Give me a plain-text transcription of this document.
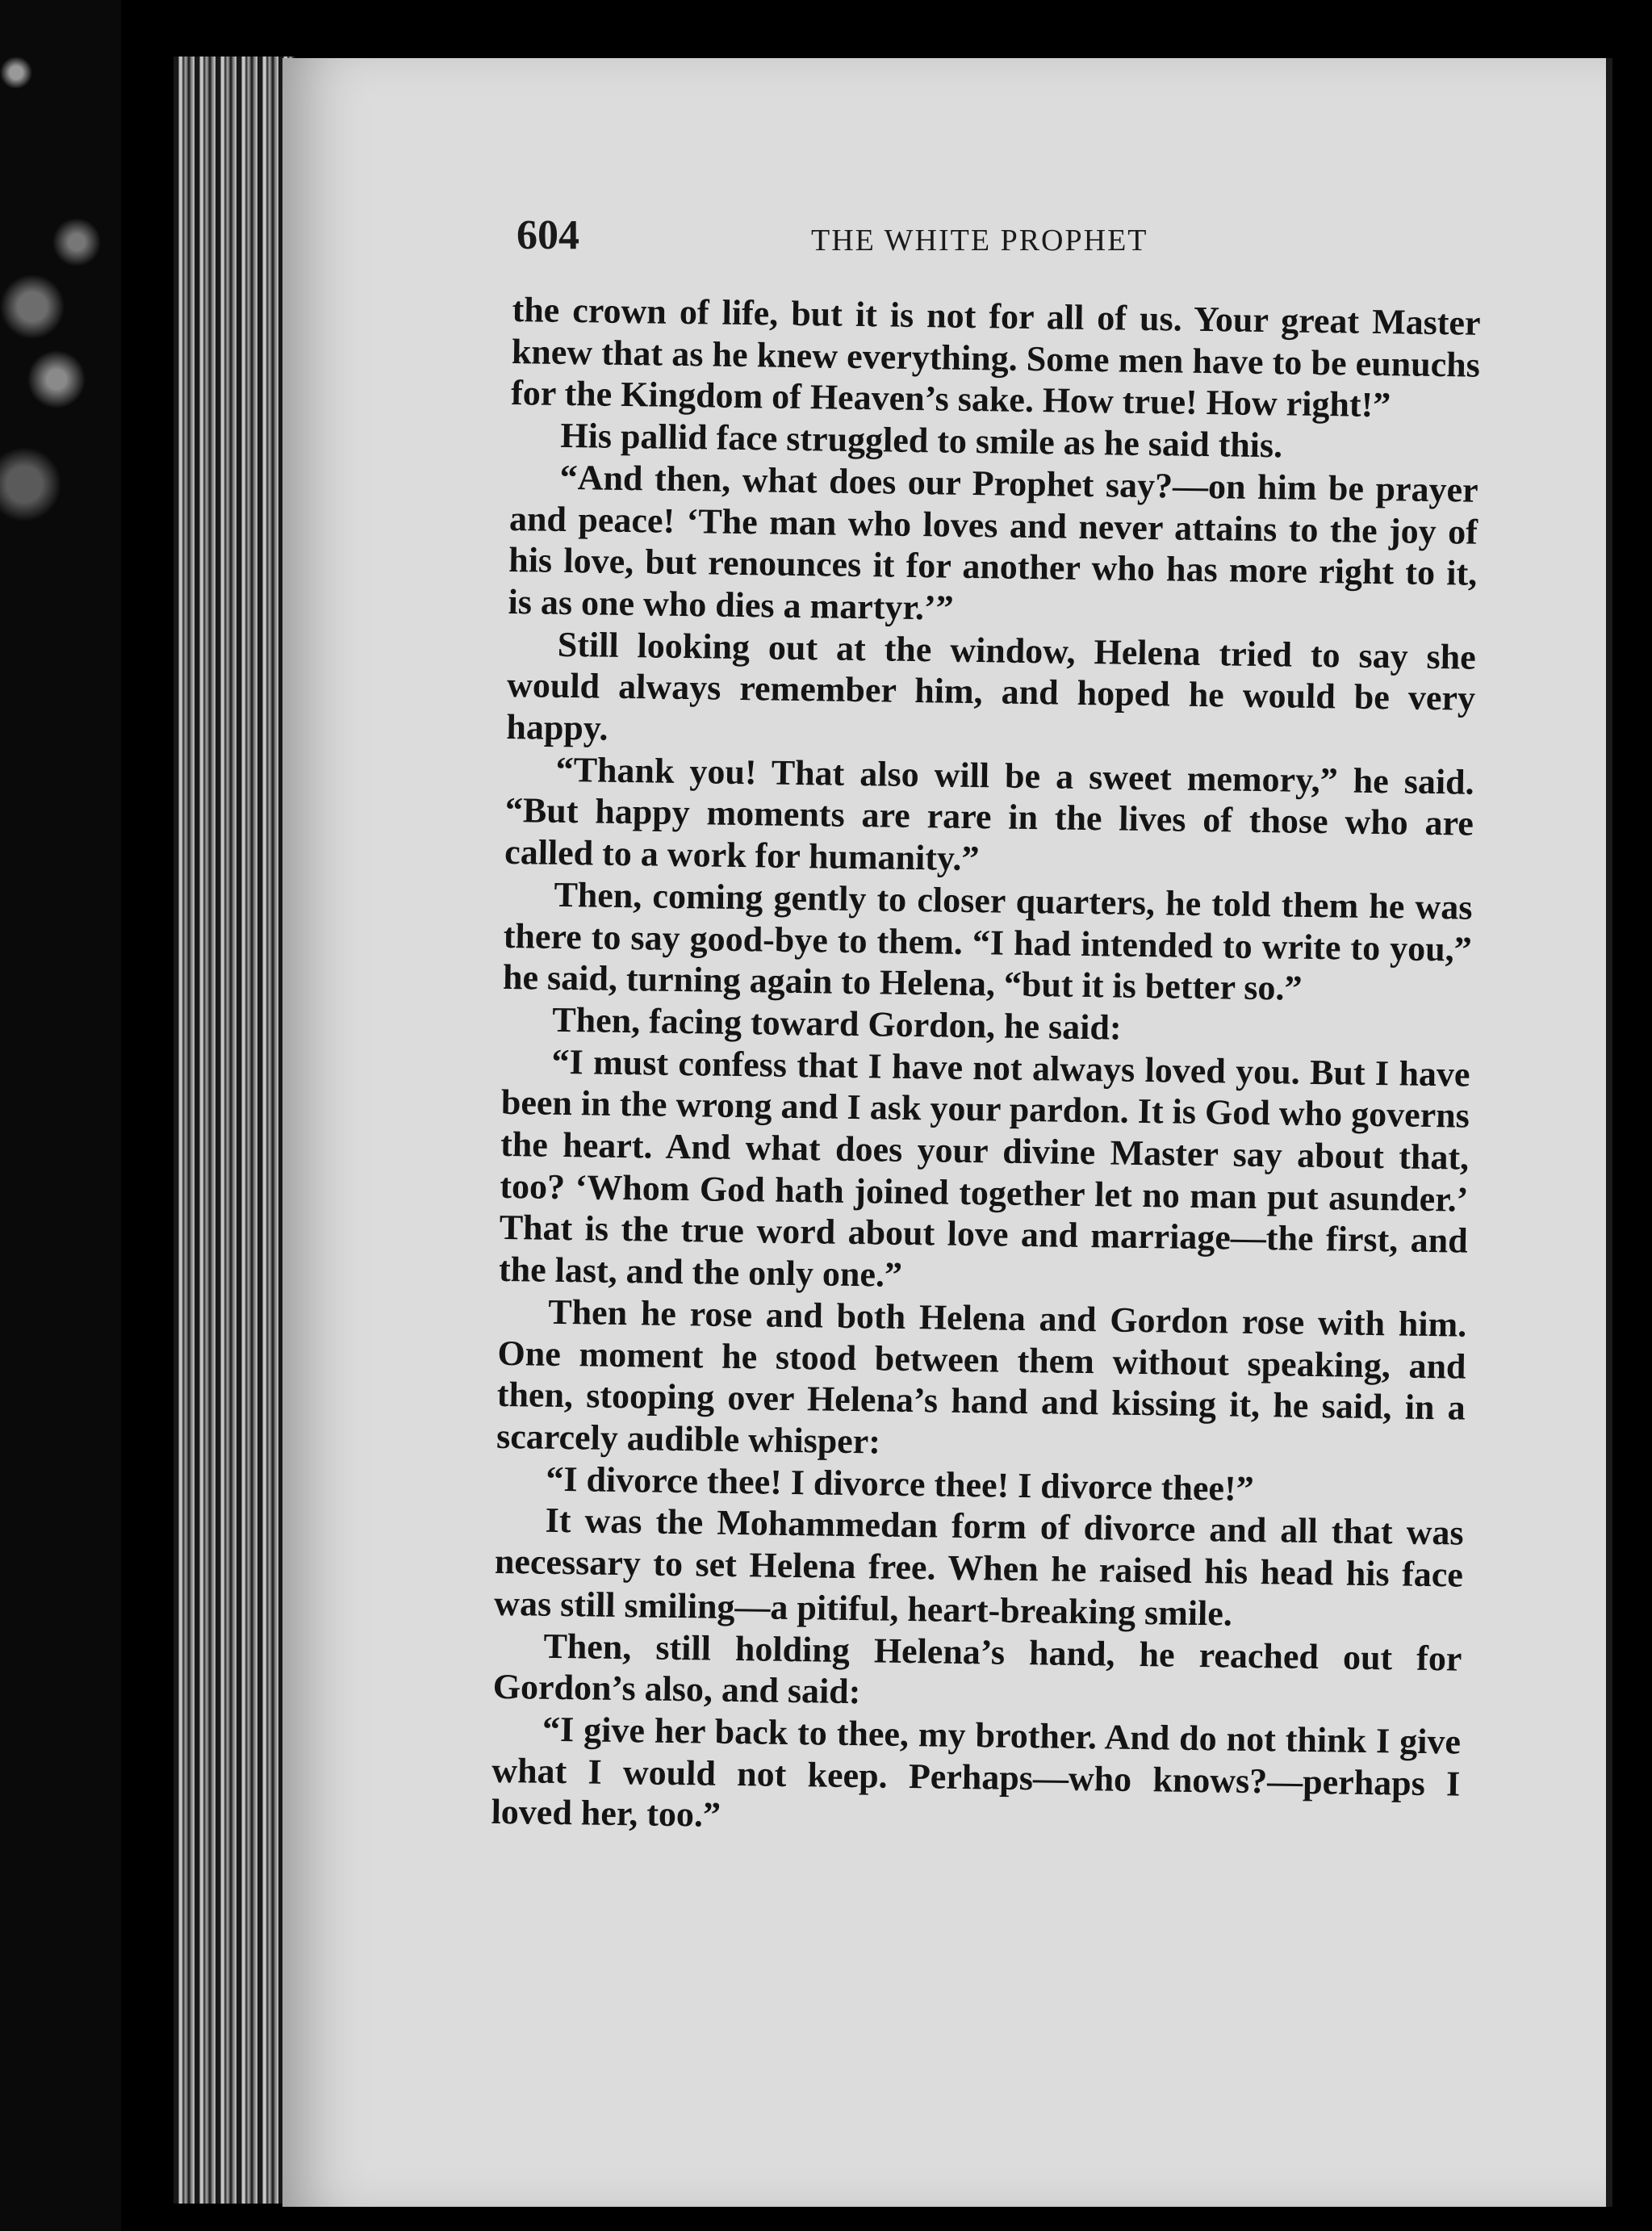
604	THE WHITE PROPHET

the crown of life, but it is not for all of us. Your great Master knew that as he knew everything. Some men have to be eunuchs for the Kingdom of Heaven’s sake. How true! How right!”

His pallid face struggled to smile as he said this.

“And then, what does our Prophet say?—on him be prayer and peace! ‘The man who loves and never attains to the joy of his love, but renounces it for another who has more right to it, is as one who dies a martyr.’”

Still looking out at the window, Helena tried to say she would always remember him, and hoped he would be very happy.

“Thank you! That also will be a sweet memory,” he said. “But happy moments are rare in the lives of those who are called to a work for humanity.”

Then, coming gently to closer quarters, he told them he was there to say good-bye to them. “I had intended to write to you,” he said, turning again to Helena, “but it is better so.”

Then, facing toward Gordon, he said:

“I must confess that I have not always loved you. But I have been in the wrong and I ask your pardon. It is God who governs the heart. And what does your divine Master say about that, too? ‘Whom God hath joined together let no man put asunder.’ That is the true word about love and marriage—the first, and the last, and the only one.”

Then he rose and both Helena and Gordon rose with him. One moment he stood between them without speaking, and then, stooping over Helena’s hand and kissing it, he said, in a scarcely audible whisper:

“I divorce thee! I divorce thee! I divorce thee!”

It was the Mohammedan form of divorce and all that was necessary to set Helena free. When he raised his head his face was still smiling—a pitiful, heart-breaking smile.

Then, still holding Helena’s hand, he reached out for Gordon’s also, and said:

“I give her back to thee, my brother. And do not think I give what I would not keep. Perhaps—who knows?—perhaps I loved her, too.”
